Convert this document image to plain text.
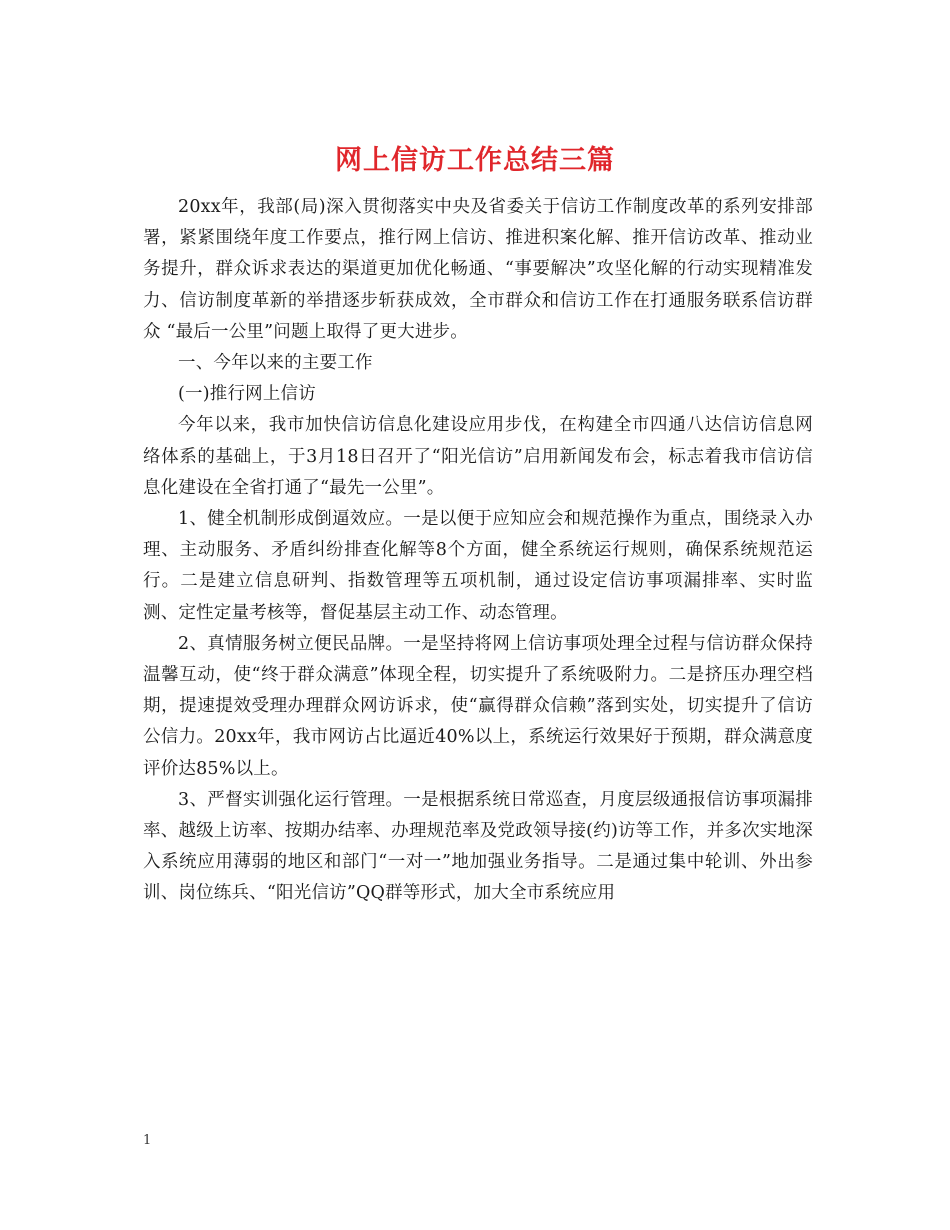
网上信访工作总结三篇

20xx年，我部(局)深入贯彻落实中央及省委关于信访工作制度改革的系列安排部署，紧紧围绕年度工作要点，推行网上信访、推进积案化解、推开信访改革、推动业务提升，群众诉求表达的渠道更加优化畅通、“事要解决”攻坚化解的行动实现精准发力、信访制度革新的举措逐步斩获成效，全市群众和信访工作在打通服务联系信访群众 “最后一公里”问题上取得了更大进步。

一、今年以来的主要工作

(一)推行网上信访

今年以来，我市加快信访信息化建设应用步伐，在构建全市四通八达信访信息网络体系的基础上，于3月18日召开了“阳光信访”启用新闻发布会，标志着我市信访信息化建设在全省打通了“最先一公里”。

1、健全机制形成倒逼效应。一是以便于应知应会和规范操作为重点，围绕录入办理、主动服务、矛盾纠纷排查化解等8个方面，健全系统运行规则，确保系统规范运行。二是建立信息研判、指数管理等五项机制，通过设定信访事项漏排率、实时监测、定性定量考核等，督促基层主动工作、动态管理。

2、真情服务树立便民品牌。一是坚持将网上信访事项处理全过程与信访群众保持温馨互动，使“终于群众满意”体现全程，切实提升了系统吸附力。二是挤压办理空档期，提速提效受理办理群众网访诉求，使“赢得群众信赖”落到实处，切实提升了信访公信力。20xx年，我市网访占比逼近40%以上，系统运行效果好于预期，群众满意度评价达85%以上。

3、严督实训强化运行管理。一是根据系统日常巡查，月度层级通报信访事项漏排率、越级上访率、按期办结率、办理规范率及党政领导接(约)访等工作，并多次实地深入系统应用薄弱的地区和部门“一对一”地加强业务指导。二是通过集中轮训、外出参训、岗位练兵、“阳光信访”QQ群等形式，加大全市系统应用

1
